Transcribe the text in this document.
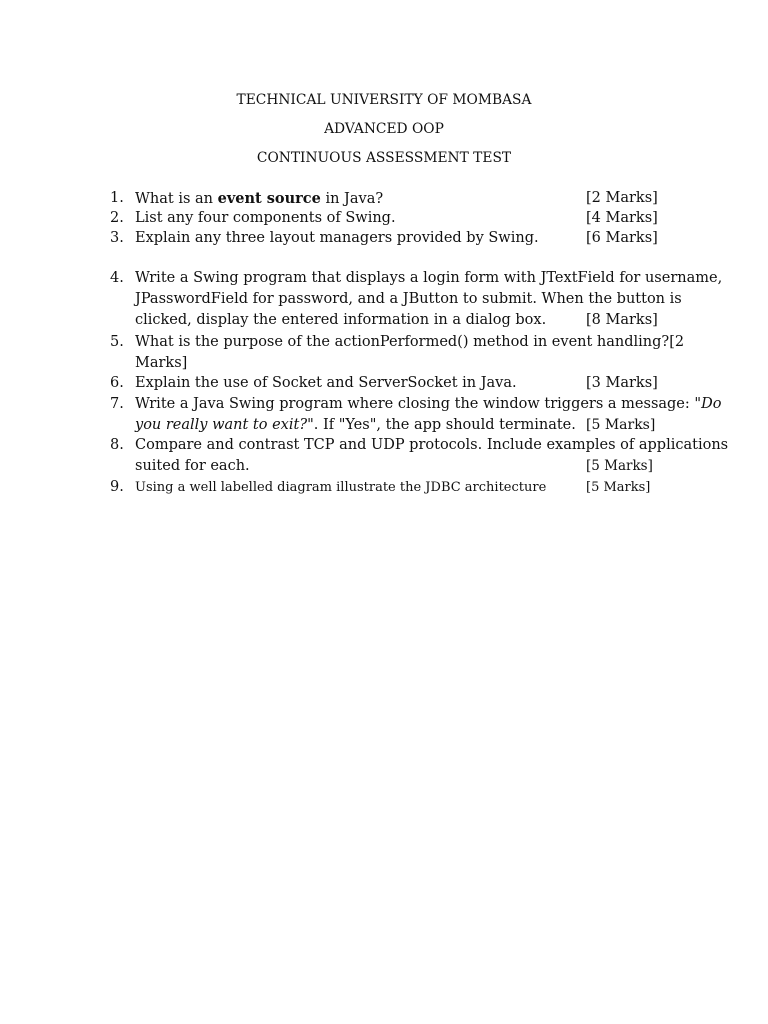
TECHNICAL UNIVERSITY OF MOMBASA
ADVANCED OOP
CONTINUOUS ASSESSMENT TEST
1. What is an event source in Java?	[2 Marks]
2. List any four components of Swing.	[4 Marks]
3. Explain any three layout managers provided by Swing.	[6 Marks]
4. Write a Swing program that displays a login form with JTextField for username,
JPasswordField for password, and a JButton to submit. When the button is
clicked, display the entered information in a dialog box.	[8 Marks]
5. What is the purpose of the actionPerformed() method in event handling?[2
Marks]
6. Explain the use of Socket and ServerSocket in Java.	[3 Marks]
7. Write a Java Swing program where closing the window triggers a message: "Do
you really want to exit?". If "Yes", the app should terminate. [5 Marks]
8. Compare and contrast TCP and UDP protocols. Include examples of applications
suited for each.	[5 Marks]
9. Using a well labelled diagram illustrate the JDBC architecture	[5 Marks]
